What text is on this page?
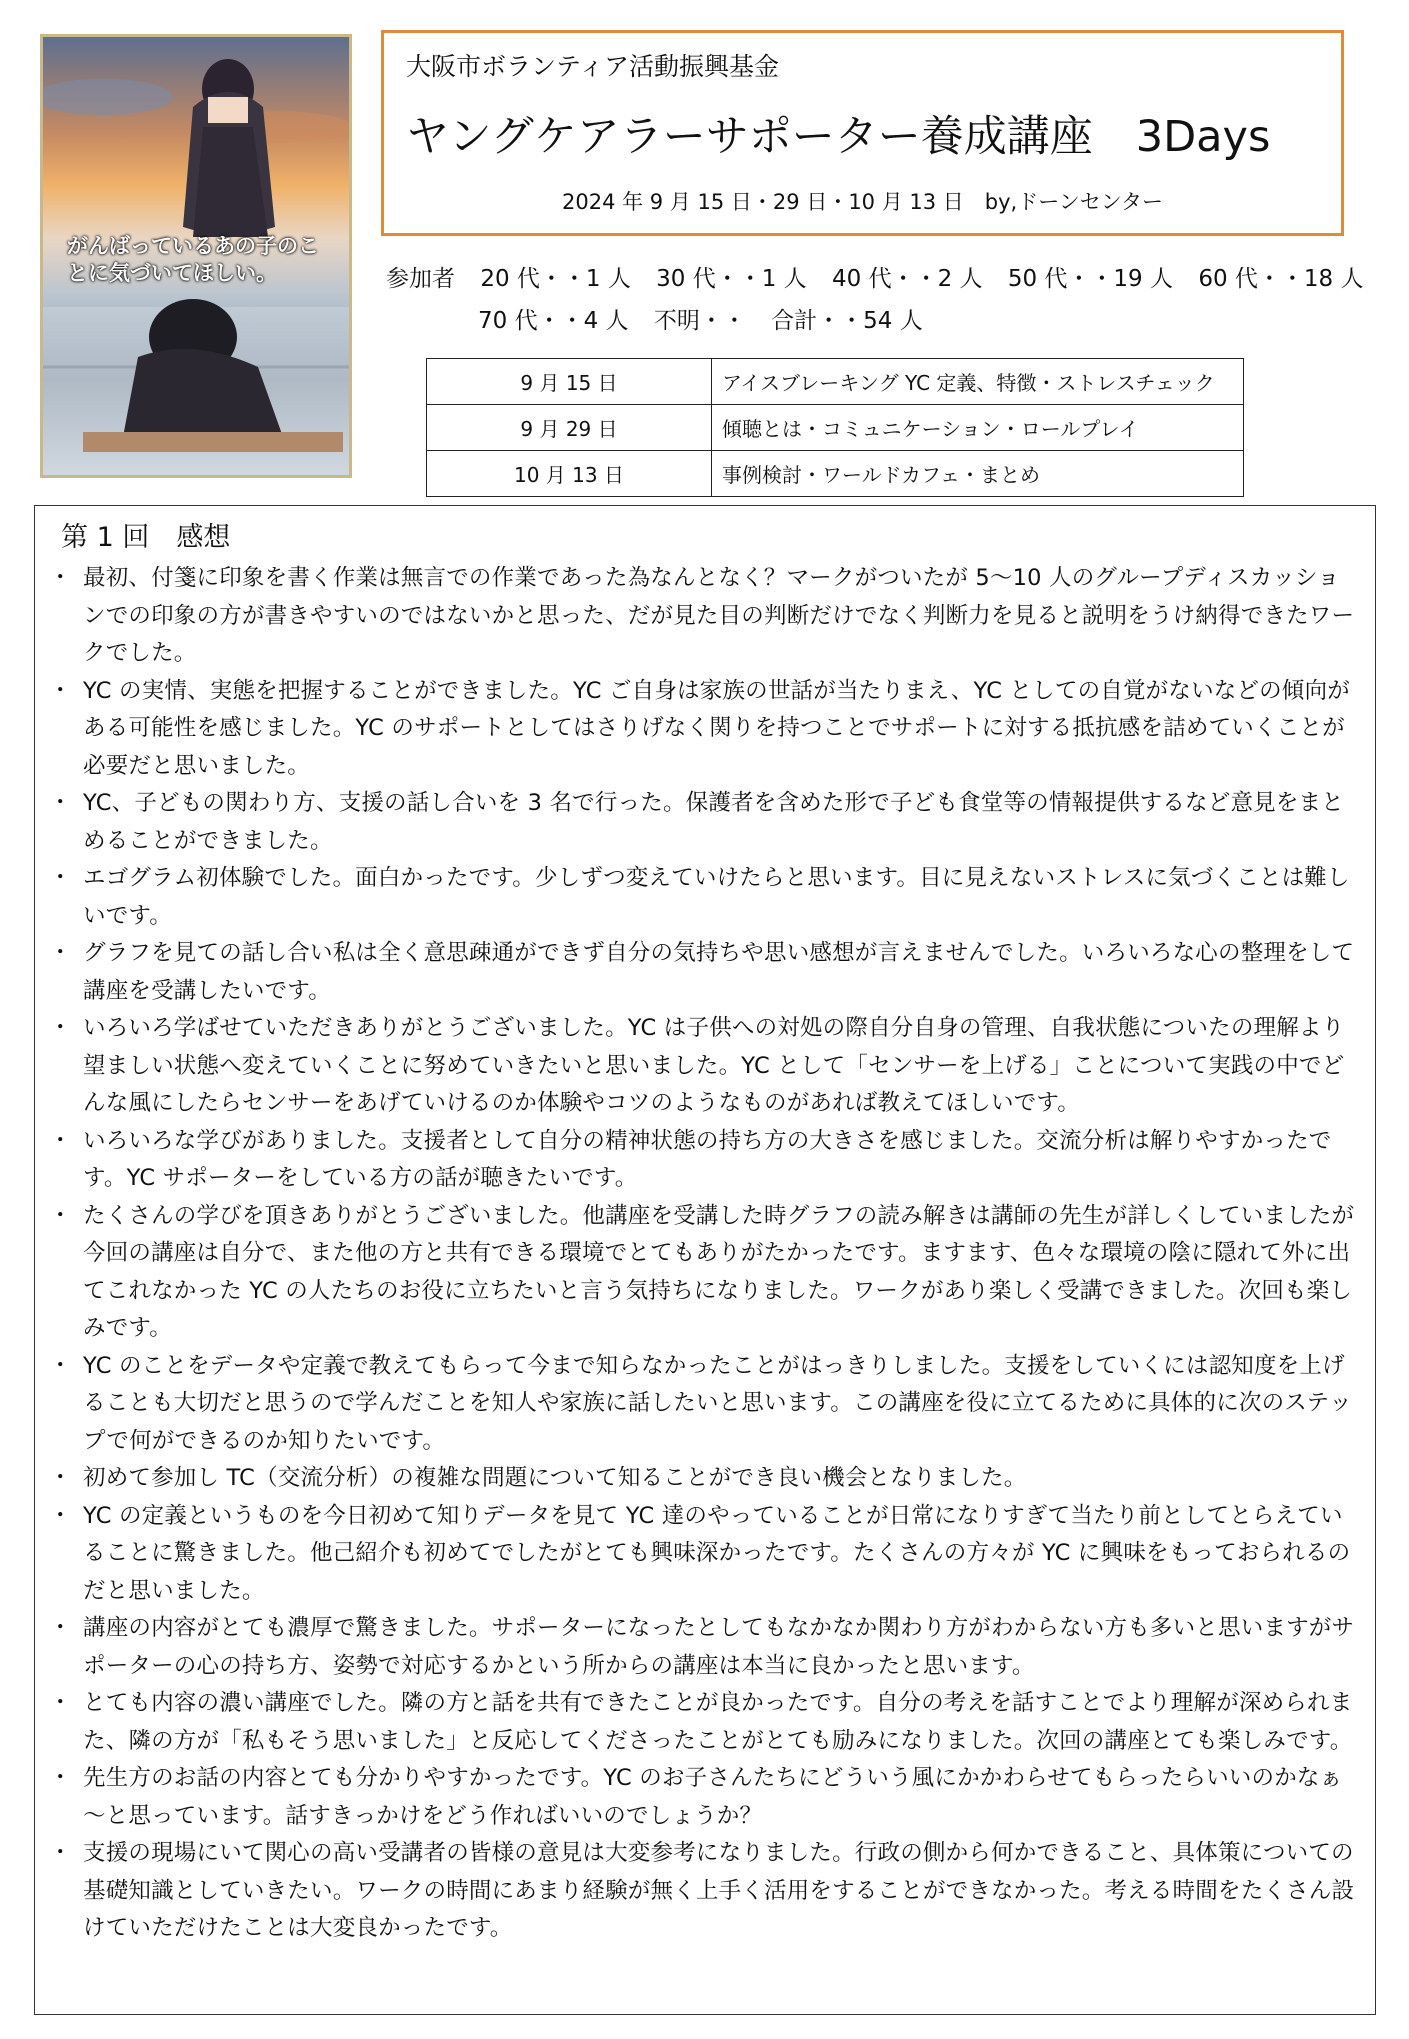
がんばっているあの子のことに気づいてほしい。
大阪市ボランティア活動振興基金
ヤングケアラーサポーター養成講座　3Days
2024 年 9 月 15 日・29 日・10 月 13 日　by,ドーンセンター
参加者 20 代・・1 人 30 代・・1 人 40 代・・2 人 50 代・・19 人 60 代・・18 人
70 代・・4 人 不明・・ 合計・・54 人
9 月 15 日	アイスブレーキング YC 定義、特徴・ストレスチェック
9 月 29 日	傾聴とは・コミュニケーション・ロールプレイ
10 月 13 日	事例検討・ワールドカフェ・まとめ
第 1 回　感想
・ 最初、付箋に印象を書く作業は無言での作業であった為なんとなく？マークがついたが 5～10 人のグループディスカッションでの印象の方が書きやすいのではないかと思った、だが見た目の判断だけでなく判断力を見ると説明をうけ納得できたワークでした。
・ YC の実情、実態を把握することができました。YC ご自身は家族の世話が当たりまえ、YC としての自覚がないなどの傾向がある可能性を感じました。YC のサポートとしてはさりげなく関りを持つことでサポートに対する抵抗感を詰めていくことが必要だと思いました。
・ YC、子どもの関わり方、支援の話し合いを 3 名で行った。保護者を含めた形で子ども食堂等の情報提供するなど意見をまとめることができました。
・ エゴグラム初体験でした。面白かったです。少しずつ変えていけたらと思います。目に見えないストレスに気づくことは難しいです。
・ グラフを見ての話し合い私は全く意思疎通ができず自分の気持ちや思い感想が言えませんでした。いろいろな心の整理をして講座を受講したいです。
・ いろいろ学ばせていただきありがとうございました。YC は子供への対処の際自分自身の管理、自我状態についたの理解より望ましい状態へ変えていくことに努めていきたいと思いました。YC として「センサーを上げる」ことについて実践の中でどんな風にしたらセンサーをあげていけるのか体験やコツのようなものがあれば教えてほしいです。
・ いろいろな学びがありました。支援者として自分の精神状態の持ち方の大きさを感じました。交流分析は解りやすかったです。YC サポーターをしている方の話が聴きたいです。
・ たくさんの学びを頂きありがとうございました。他講座を受講した時グラフの読み解きは講師の先生が詳しくしていましたが今回の講座は自分で、また他の方と共有できる環境でとてもありがたかったです。ますます、色々な環境の陰に隠れて外に出てこれなかった YC の人たちのお役に立ちたいと言う気持ちになりました。ワークがあり楽しく受講できました。次回も楽しみです。
・ YC のことをデータや定義で教えてもらって今まで知らなかったことがはっきりしました。支援をしていくには認知度を上げることも大切だと思うので学んだことを知人や家族に話したいと思います。この講座を役に立てるために具体的に次のステップで何ができるのか知りたいです。
・ 初めて参加し TC（交流分析）の複雑な問題について知ることができ良い機会となりました。
・ YC の定義というものを今日初めて知りデータを見て YC 達のやっていることが日常になりすぎて当たり前としてとらえていることに驚きました。他己紹介も初めてでしたがとても興味深かったです。たくさんの方々が YC に興味をもっておられるのだと思いました。
・ 講座の内容がとても濃厚で驚きました。サポーターになったとしてもなかなか関わり方がわからない方も多いと思いますがサポーターの心の持ち方、姿勢で対応するかという所からの講座は本当に良かったと思います。
・ とても内容の濃い講座でした。隣の方と話を共有できたことが良かったです。自分の考えを話すことでより理解が深められまた、隣の方が「私もそう思いました」と反応してくださったことがとても励みになりました。次回の講座とても楽しみです。
・ 先生方のお話の内容とても分かりやすかったです。YC のお子さんたちにどういう風にかかわらせてもらったらいいのかなぁ～と思っています。話すきっかけをどう作ればいいのでしょうか？
・ 支援の現場にいて関心の高い受講者の皆様の意見は大変参考になりました。行政の側から何かできること、具体策についての基礎知識としていきたい。ワークの時間にあまり経験が無く上手く活用をすることができなかった。考える時間をたくさん設けていただけたことは大変良かったです。
